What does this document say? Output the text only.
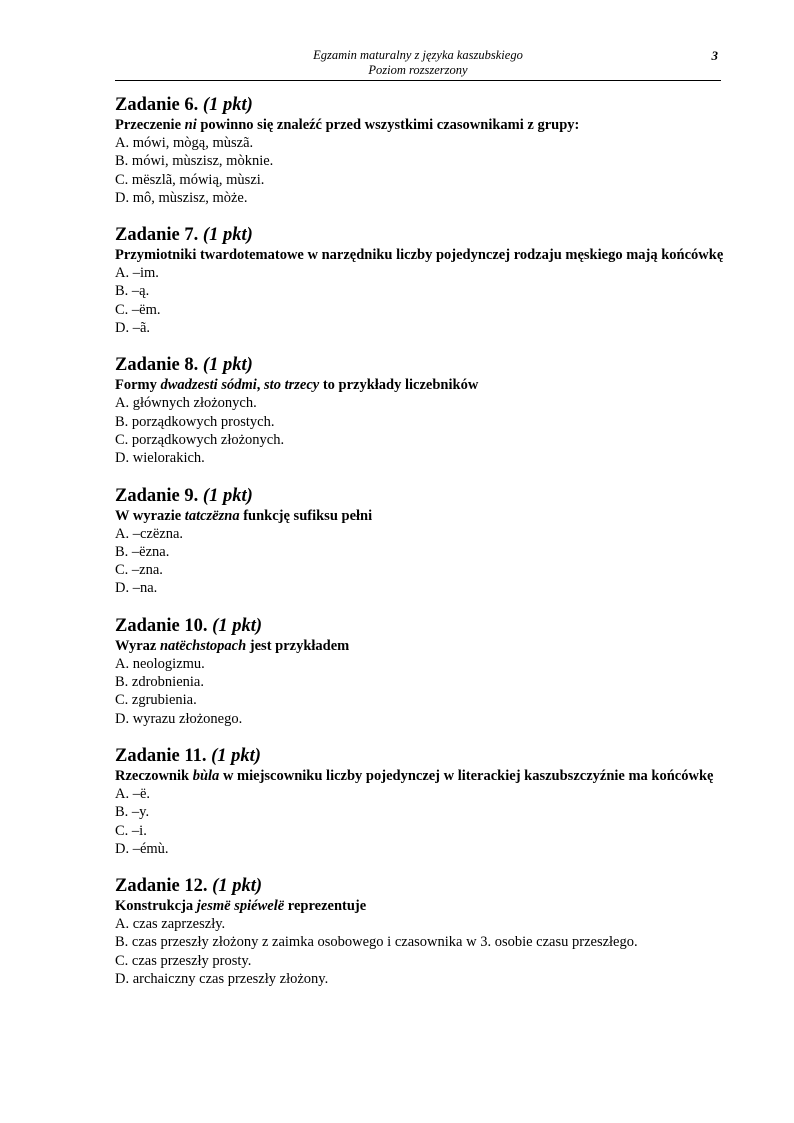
Egzamin maturalny z języka kaszubskiego
Poziom rozszerzony
3
Zadanie 6. (1 pkt)
Przeczenie ni powinno się znaleźć przed wszystkimi czasownikami z grupy:
A. mówi, mògą, mùszã.
B. mówi, mùszisz, mòknie.
C. mëszlã, mówią, mùszi.
D. mô, mùszisz, mòże.
Zadanie 7. (1 pkt)
Przymiotniki twardotematowe w narzędniku liczby pojedynczej rodzaju męskiego mają końcówkę
A. –im.
B. –ą.
C. –ëm.
D. –ã.
Zadanie 8. (1 pkt)
Formy dwadzesti sódmi, sto trzecy to przykłady liczebników
A. głównych złożonych.
B. porządkowych prostych.
C. porządkowych złożonych.
D. wielorakich.
Zadanie 9. (1 pkt)
W wyrazie tatczëzna funkcję sufiksu pełni
A. –czëzna.
B. –ëzna.
C. –zna.
D. –na.
Zadanie 10. (1 pkt)
Wyraz natëchstopach jest przykładem
A. neologizmu.
B. zdrobnienia.
C. zgrubienia.
D. wyrazu złożonego.
Zadanie 11. (1 pkt)
Rzeczownik bùla w miejscowniku liczby pojedynczej w literackiej kaszubszczyźnie ma końcówkę
A. –ë.
B. –y.
C. –i.
D. –émù.
Zadanie 12. (1 pkt)
Konstrukcja jesmë spiéwelë reprezentuje
A. czas zaprzeszły.
B. czas przeszły złożony z zaimka osobowego i czasownika w 3. osobie czasu przeszłego.
C. czas przeszły prosty.
D. archaiczny czas przeszły złożony.
